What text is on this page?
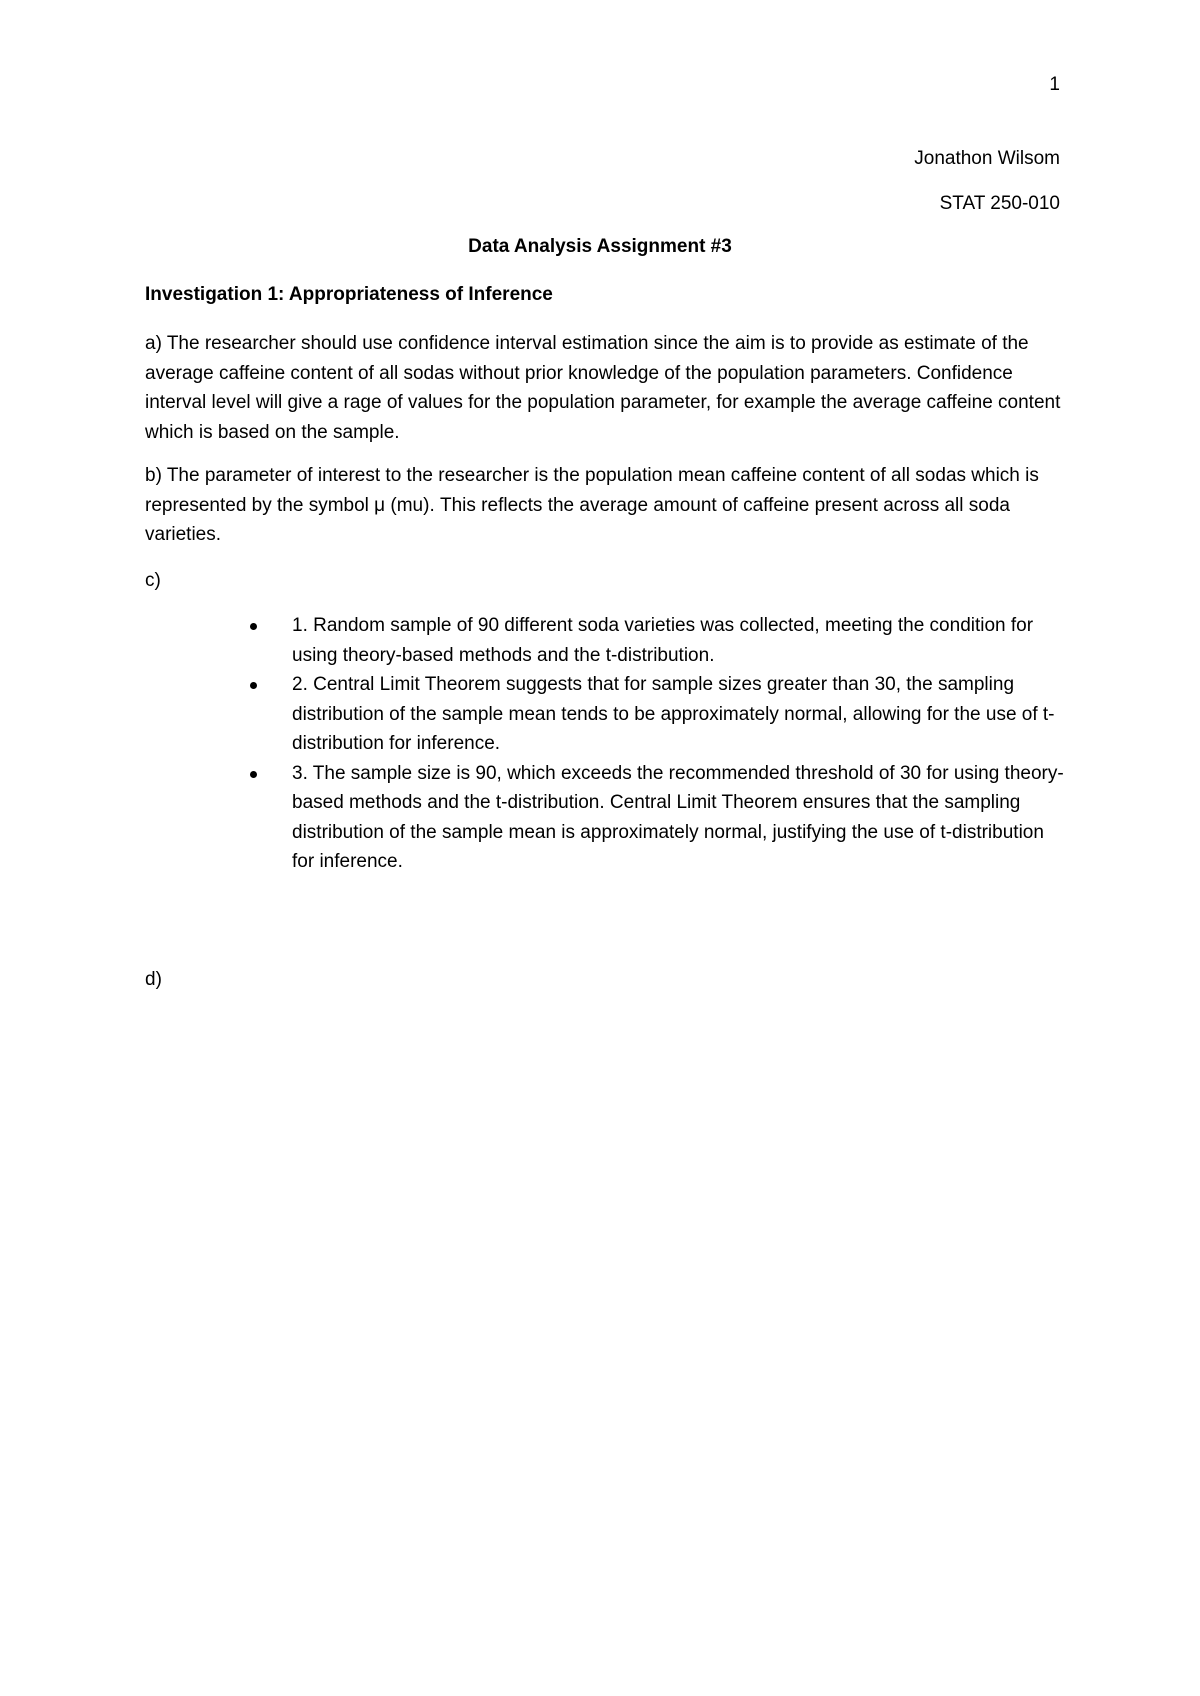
1
Jonathon Wilsom
STAT 250-010
Data Analysis Assignment #3
Investigation 1: Appropriateness of Inference
a) The researcher should use confidence interval estimation since the aim is to provide as estimate of the average caffeine content of all sodas without prior knowledge of the population parameters. Confidence interval level will give a rage of values for the population parameter, for example the average caffeine content which is based on the sample.
b) The parameter of interest to the researcher is the population mean caffeine content of all sodas which is represented by the symbol μ (mu). This reflects the average amount of caffeine present across all soda varieties.
c)
1. Random sample of 90 different soda varieties was collected, meeting the condition for using theory-based methods and the t-distribution.
2. Central Limit Theorem suggests that for sample sizes greater than 30, the sampling distribution of the sample mean tends to be approximately normal, allowing for the use of t-distribution for inference.
3. The sample size is 90, which exceeds the recommended threshold of 30 for using theory-based methods and the t-distribution. Central Limit Theorem ensures that the sampling distribution of the sample mean is approximately normal, justifying the use of t-distribution for inference.
d)
